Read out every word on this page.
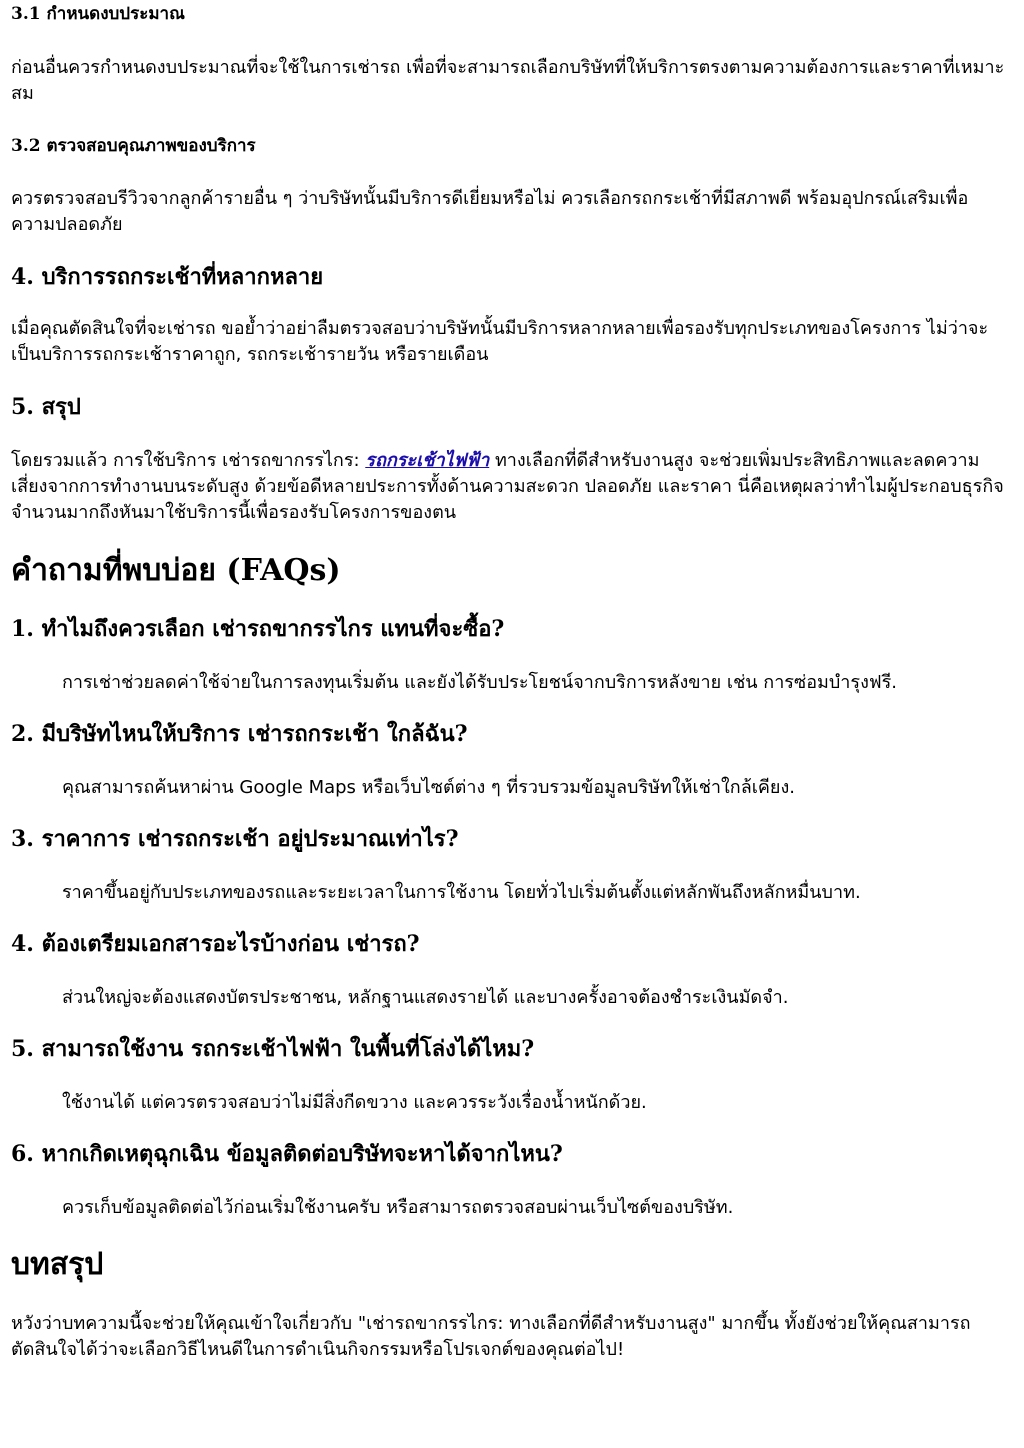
3.1 กำหนดงบประมาณ

ก่อนอื่นควรกำหนดงบประมาณที่จะใช้ในการเช่ารถ เพื่อที่จะสามารถเลือกบริษัทที่ให้บริการตรงตามความต้องการและราคาที่เหมาะสม

3.2 ตรวจสอบคุณภาพของบริการ

ควรตรวจสอบรีวิวจากลูกค้ารายอื่น ๆ ว่าบริษัทนั้นมีบริการดีเยี่ยมหรือไม่ ควรเลือกรถกระเช้าที่มีสภาพดี พร้อมอุปกรณ์เสริมเพื่อความปลอดภัย

4. บริการรถกระเช้าที่หลากหลาย

เมื่อคุณตัดสินใจที่จะเช่ารถ ขอย้ำว่าอย่าลืมตรวจสอบว่าบริษัทนั้นมีบริการหลากหลายเพื่อรองรับทุกประเภทของโครงการ ไม่ว่าจะเป็นบริการรถกระเช้าราคาถูก, รถกระเช้ารายวัน หรือรายเดือน

5. สรุป

โดยรวมแล้ว การใช้บริการ เช่ารถขากรรไกร: รถกระเช้าไฟฟ้า ทางเลือกที่ดีสำหรับงานสูง จะช่วยเพิ่มประสิทธิภาพและลดความเสี่ยงจากการทำงานบนระดับสูง ด้วยข้อดีหลายประการทั้งด้านความสะดวก ปลอดภัย และราคา นี่คือเหตุผลว่าทำไมผู้ประกอบธุรกิจจำนวนมากถึงหันมาใช้บริการนี้เพื่อรองรับโครงการของตน

คำถามที่พบบ่อย (FAQs)
1. ทำไมถึงควรเลือก เช่ารถขากรรไกร แทนที่จะซื้อ?

การเช่าช่วยลดค่าใช้จ่ายในการลงทุนเริ่มต้น และยังได้รับประโยชน์จากบริการหลังขาย เช่น การซ่อมบำรุงฟรี.

2. มีบริษัทไหนให้บริการ เช่ารถกระเช้า ใกล้ฉัน?

คุณสามารถค้นหาผ่าน Google Maps หรือเว็บไซต์ต่าง ๆ ที่รวบรวมข้อมูลบริษัทให้เช่าใกล้เคียง.

3. ราคาการ เช่ารถกระเช้า อยู่ประมาณเท่าไร?

ราคาขึ้นอยู่กับประเภทของรถและระยะเวลาในการใช้งาน โดยทั่วไปเริ่มต้นตั้งแต่หลักพันถึงหลักหมื่นบาท.

4. ต้องเตรียมเอกสารอะไรบ้างก่อน เช่ารถ?

ส่วนใหญ่จะต้องแสดงบัตรประชาชน, หลักฐานแสดงรายได้ และบางครั้งอาจต้องชำระเงินมัดจำ.

5. สามารถใช้งาน รถกระเช้าไฟฟ้า ในพื้นที่โล่งได้ไหม?

ใช้งานได้ แต่ควรตรวจสอบว่าไม่มีสิ่งกีดขวาง และควรระวังเรื่องน้ำหนักด้วย.

6. หากเกิดเหตุฉุกเฉิน ข้อมูลติดต่อบริษัทจะหาได้จากไหน?

ควรเก็บข้อมูลติดต่อไว้ก่อนเริ่มใช้งานครับ หรือสามารถตรวจสอบผ่านเว็บไซต์ของบริษัท.

บทสรุป

หวังว่าบทความนี้จะช่วยให้คุณเข้าใจเกี่ยวกับ "เช่ารถขากรรไกร: ทางเลือกที่ดีสำหรับงานสูง" มากขึ้น ทั้งยังช่วยให้คุณสามารถตัดสินใจได้ว่าจะเลือกวิธีไหนดีในการดำเนินกิจกรรมหรือโปรเจกต์ของคุณต่อไป!
